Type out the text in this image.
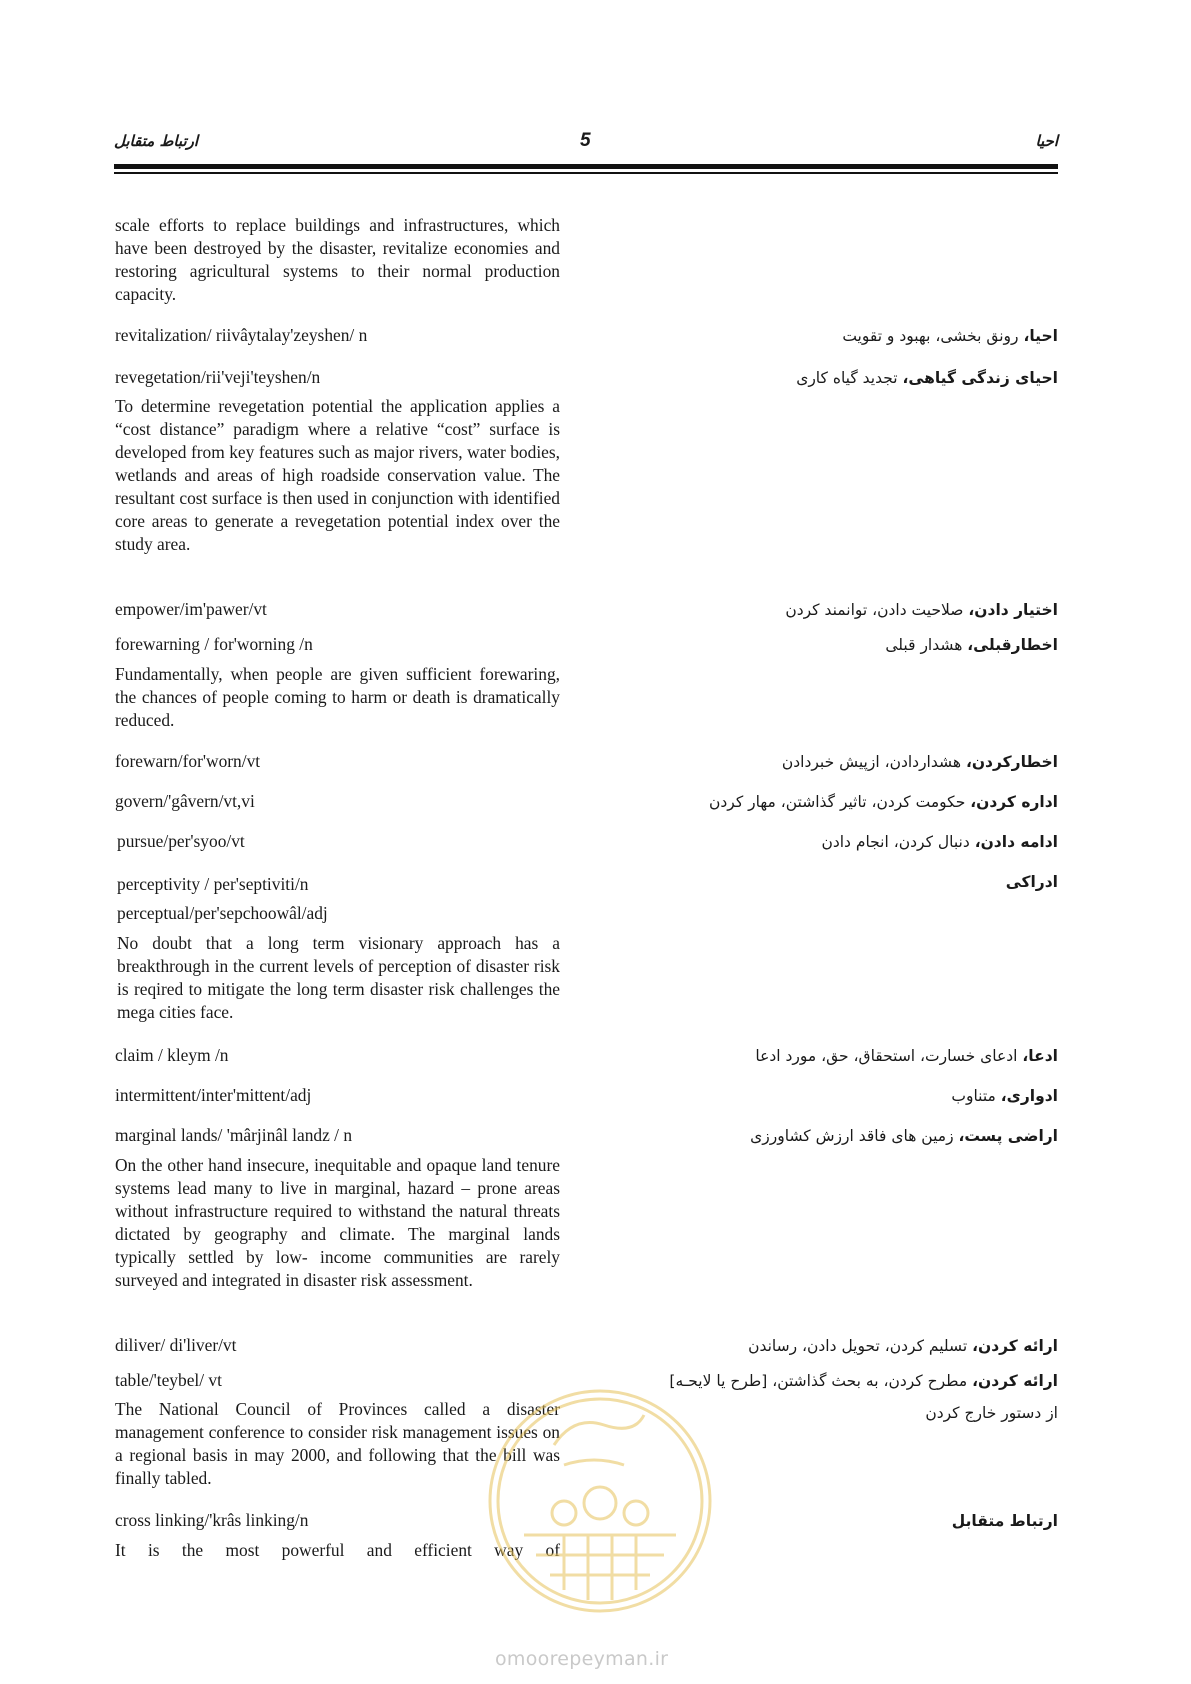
ارتباط متقابل	5	احیا
scale efforts to replace buildings and infrastructures, which have been destroyed by the disaster, revitalize economies and restoring agricultural systems to their normal production capacity.
revitalization/ riivâytalay'zeyshen/ n
revegetation/rii'veji'teyshen/n
To determine revegetation potential the application applies a “cost distance” paradigm where a relative “cost” surface is developed from key features such as major rivers, water bodies, wetlands and areas of high roadside conservation value. The resultant cost surface is then used in conjunction with identified core areas to generate a revegetation potential index over the study area.
empower/im'pawer/vt
forewarning / for'worning /n
Fundamentally, when people are given sufficient forewaring, the chances of people coming to harm or death is dramatically reduced.
forewarn/for'worn/vt
govern/'gâvern/vt,vi
pursue/per'syoo/vt
perceptivity / per'septiviti/n
perceptual/per'sepchoowâl/adj
No doubt that a long term visionary approach has a breakthrough in the current levels of perception of disaster risk is reqired to mitigate the long term disaster risk challenges the mega cities face.
claim / kleym /n
intermittent/inter'mittent/adj
marginal lands/ 'mârjinâl landz / n
On the other hand insecure, inequitable and opaque land tenure systems lead many to live in marginal, hazard – prone areas without infrastructure required to withstand the natural threats dictated by geography and climate. The marginal lands typically settled by low- income communities are rarely surveyed and integrated in disaster risk assessment.
diliver/ di'liver/vt
table/'teybel/ vt
The National Council of Provinces called a disaster management conference to consider risk management issues on a regional basis in may 2000, and following that the bill was finally tabled.
cross linking/'krâs linking/n
It is the most powerful and efficient way of
احیا، رونق بخشی، بهبود و تقویت
احیای زندگی گیاهی، تجدید گیاه کاری
اختیار دادن، صلاحیت دادن، توانمند کردن
اخطارقبلی، هشدار قبلی
اخطارکردن، هشداردادن، ازپیش خبردادن
اداره کردن، حکومت کردن، تاثیر گذاشتن، مهار کردن
ادامه دادن، دنبال کردن، انجام دادن
ادراکی
ادعا، ادعای خسارت، استحقاق، حق، مورد ادعا
ادواری، متناوب
اراضی پست، زمین های فاقد ارزش کشاورزی
ارائه کردن، تسلیم کردن، تحویل دادن، رساندن
ارائه کردن، مطرح کردن، به بحث گذاشتن، [طرح یا لایحـه]
از دستور خارج کردن
ارتباط متقابل
omoorepeyman.ir
